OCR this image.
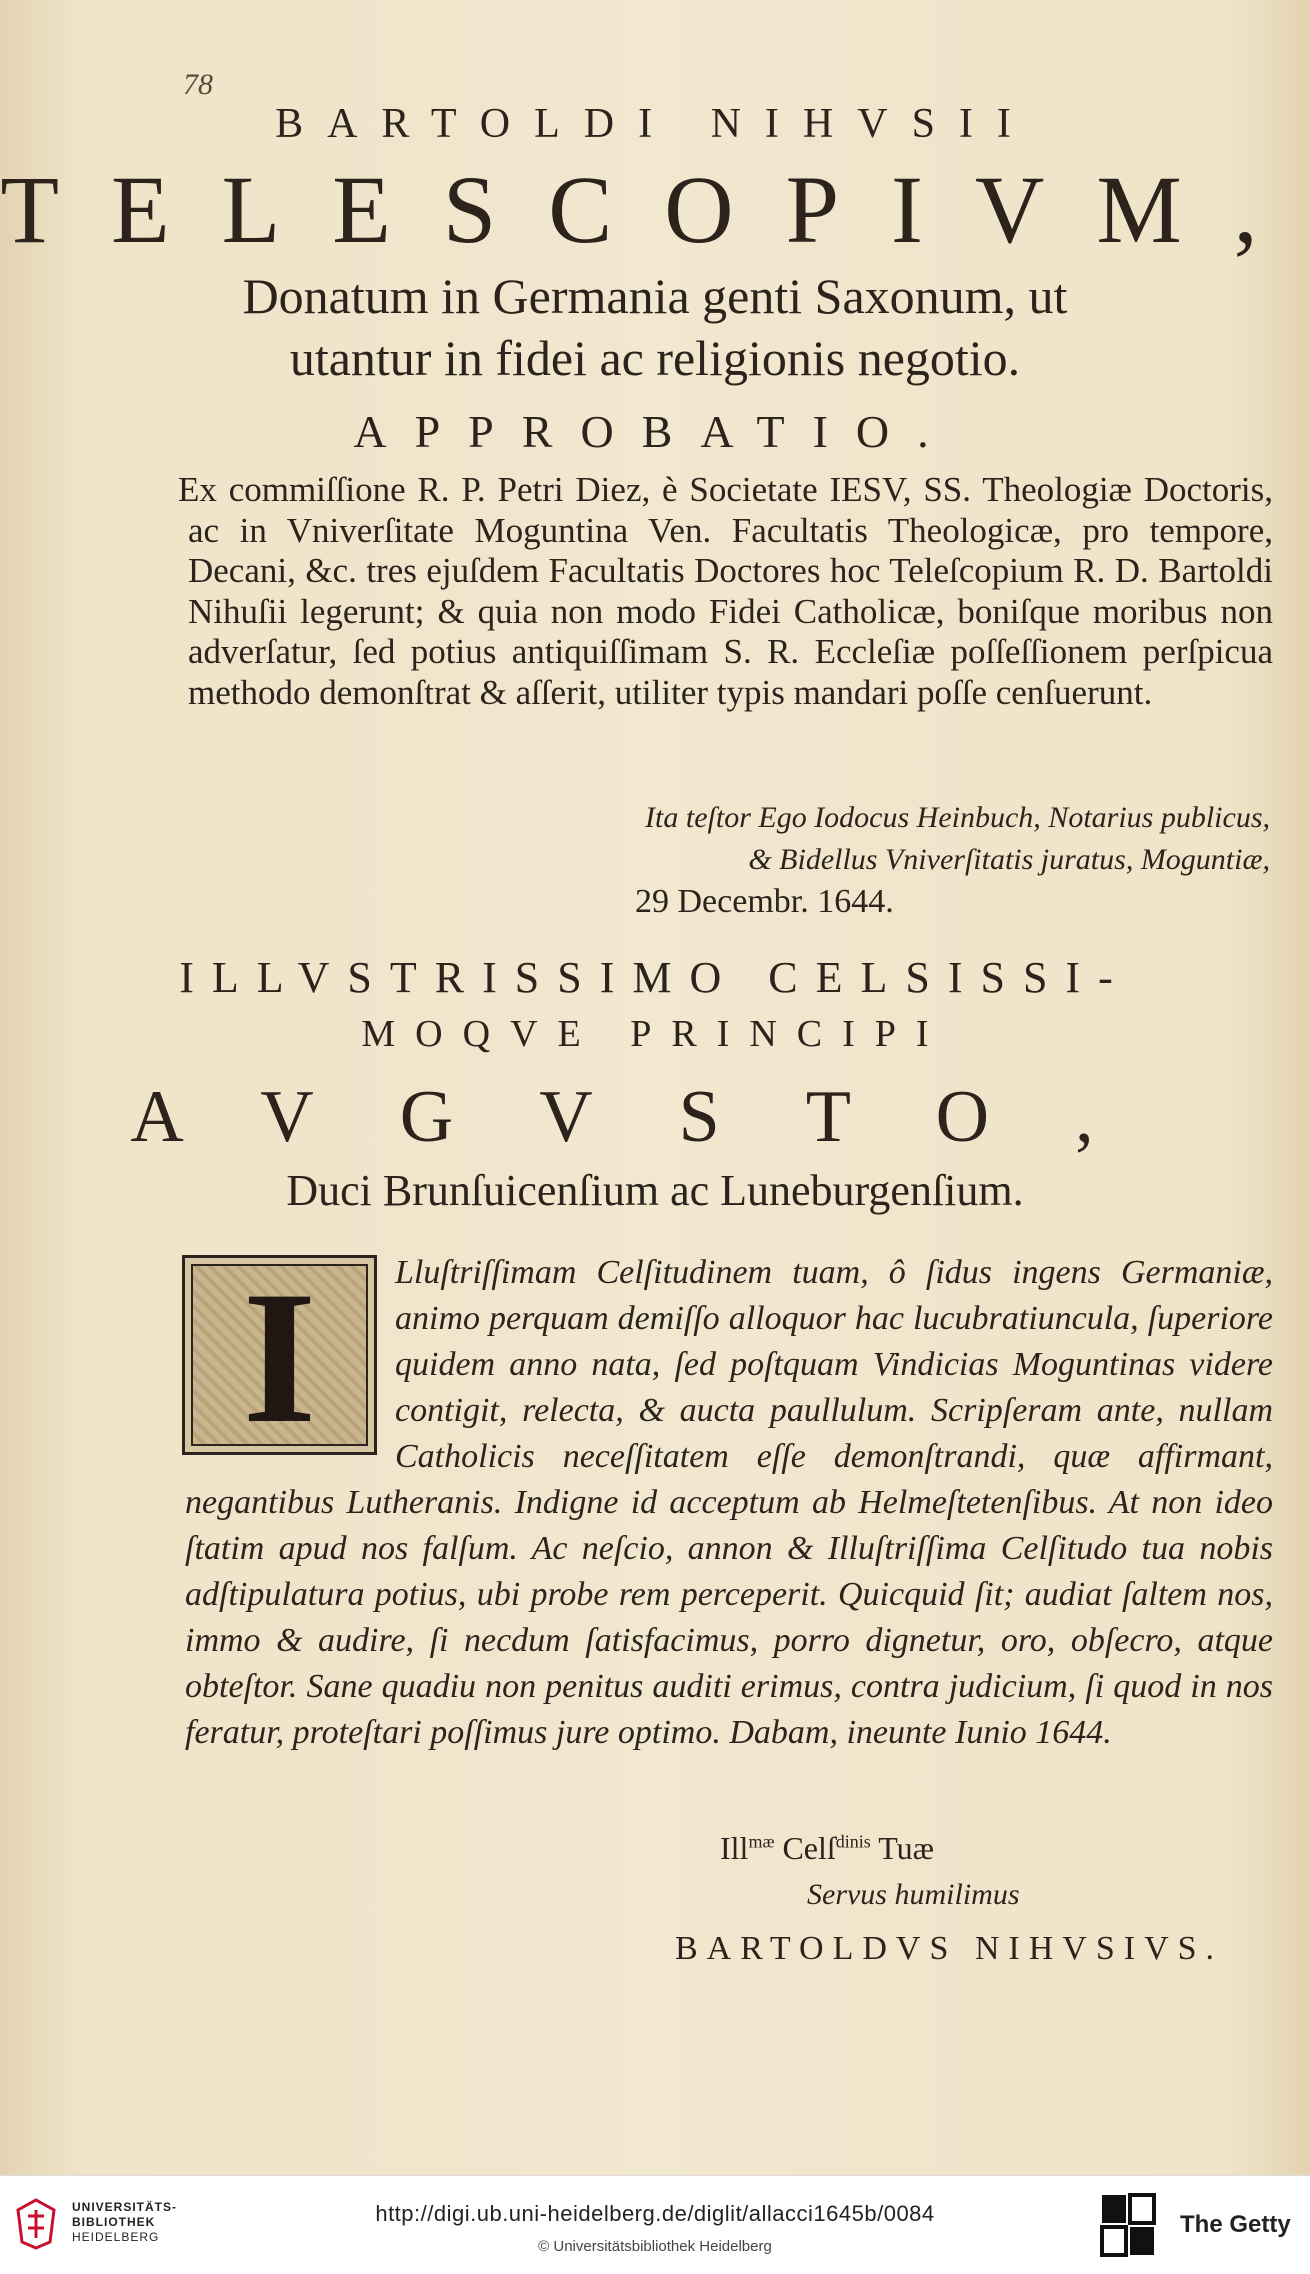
78
BARTOLDI NIHVSII
TELESCOPIVM,
Donatum in Germania genti Saxonum, ut
utantur in fidei ac religionis negotio.
APPROBATIO.
Ex commiſſione R. P. Petri Diez, è Societate IESV, SS. Theologiæ Doctoris, ac in Vniverſitate Moguntina Ven. Facultatis Theologicæ, pro tempore, Decani, &c. tres ejuſdem Facultatis Doctores hoc Teleſcopium R. D. Bartoldi Nihuſii legerunt; & quia non modo Fidei Catholicæ, boniſque moribus non adverſatur, ſed potius antiquiſſimam S. R. Eccleſiæ poſſeſſionem perſpicua methodo demonſtrat & aſſerit, utiliter typis mandari poſſe cenſuerunt.
Ita teſtor Ego Iodocus Heinbuch, Notarius publicus,
& Bidellus Vniverſitatis juratus, Moguntiæ,
29 Decembr. 1644.
ILLVSTRISSIMO CELSISSI-
MOQVE PRINCIPI
AVGVSTO,
Duci Brunſuicenſium ac Luneburgenſium.
Lluſtriſſimam Celſitudinem tuam, ô ſidus ingens Germaniæ, animo perquam demiſſo alloquor hac lucubratiuncula, ſuperiore quidem anno nata, ſed poſtquam Vindicias Moguntinas videre contigit, relecta, & aucta paullulum. Scripſeram ante, nullam Catholicis neceſſitatem eſſe demonſtrandi, quæ affirmant, negantibus Lutheranis. Indigne id acceptum ab Helmeſtetenſibus. At non ideo ſtatim apud nos falſum. Ac neſcio, annon & Illuſtriſſima Celſitudo tua nobis adſtipulatura potius, ubi probe rem perceperit. Quicquid ſit; audiat ſaltem nos, immo & audire, ſi necdum ſatisfacimus, porro dignetur, oro, obſecro, atque obteſtor. Sane quadiu non penitus auditi erimus, contra judicium, ſi quod in nos feratur, proteſtari poſſimus jure optimo. Dabam, ineunte Iunio 1644.
I
Ill$^{mæ}$ Celſ$^{dinis}$ Tuæ
Servus humilimus
BARTOLDVS NIHVSIVS.
UNIVERSITÄTS-
BIBLIOTHEK
HEIDELBERG
http://digi.ub.uni-heidelberg.de/diglit/allacci1645b/0084
© Universitätsbibliothek Heidelberg
The Getty
